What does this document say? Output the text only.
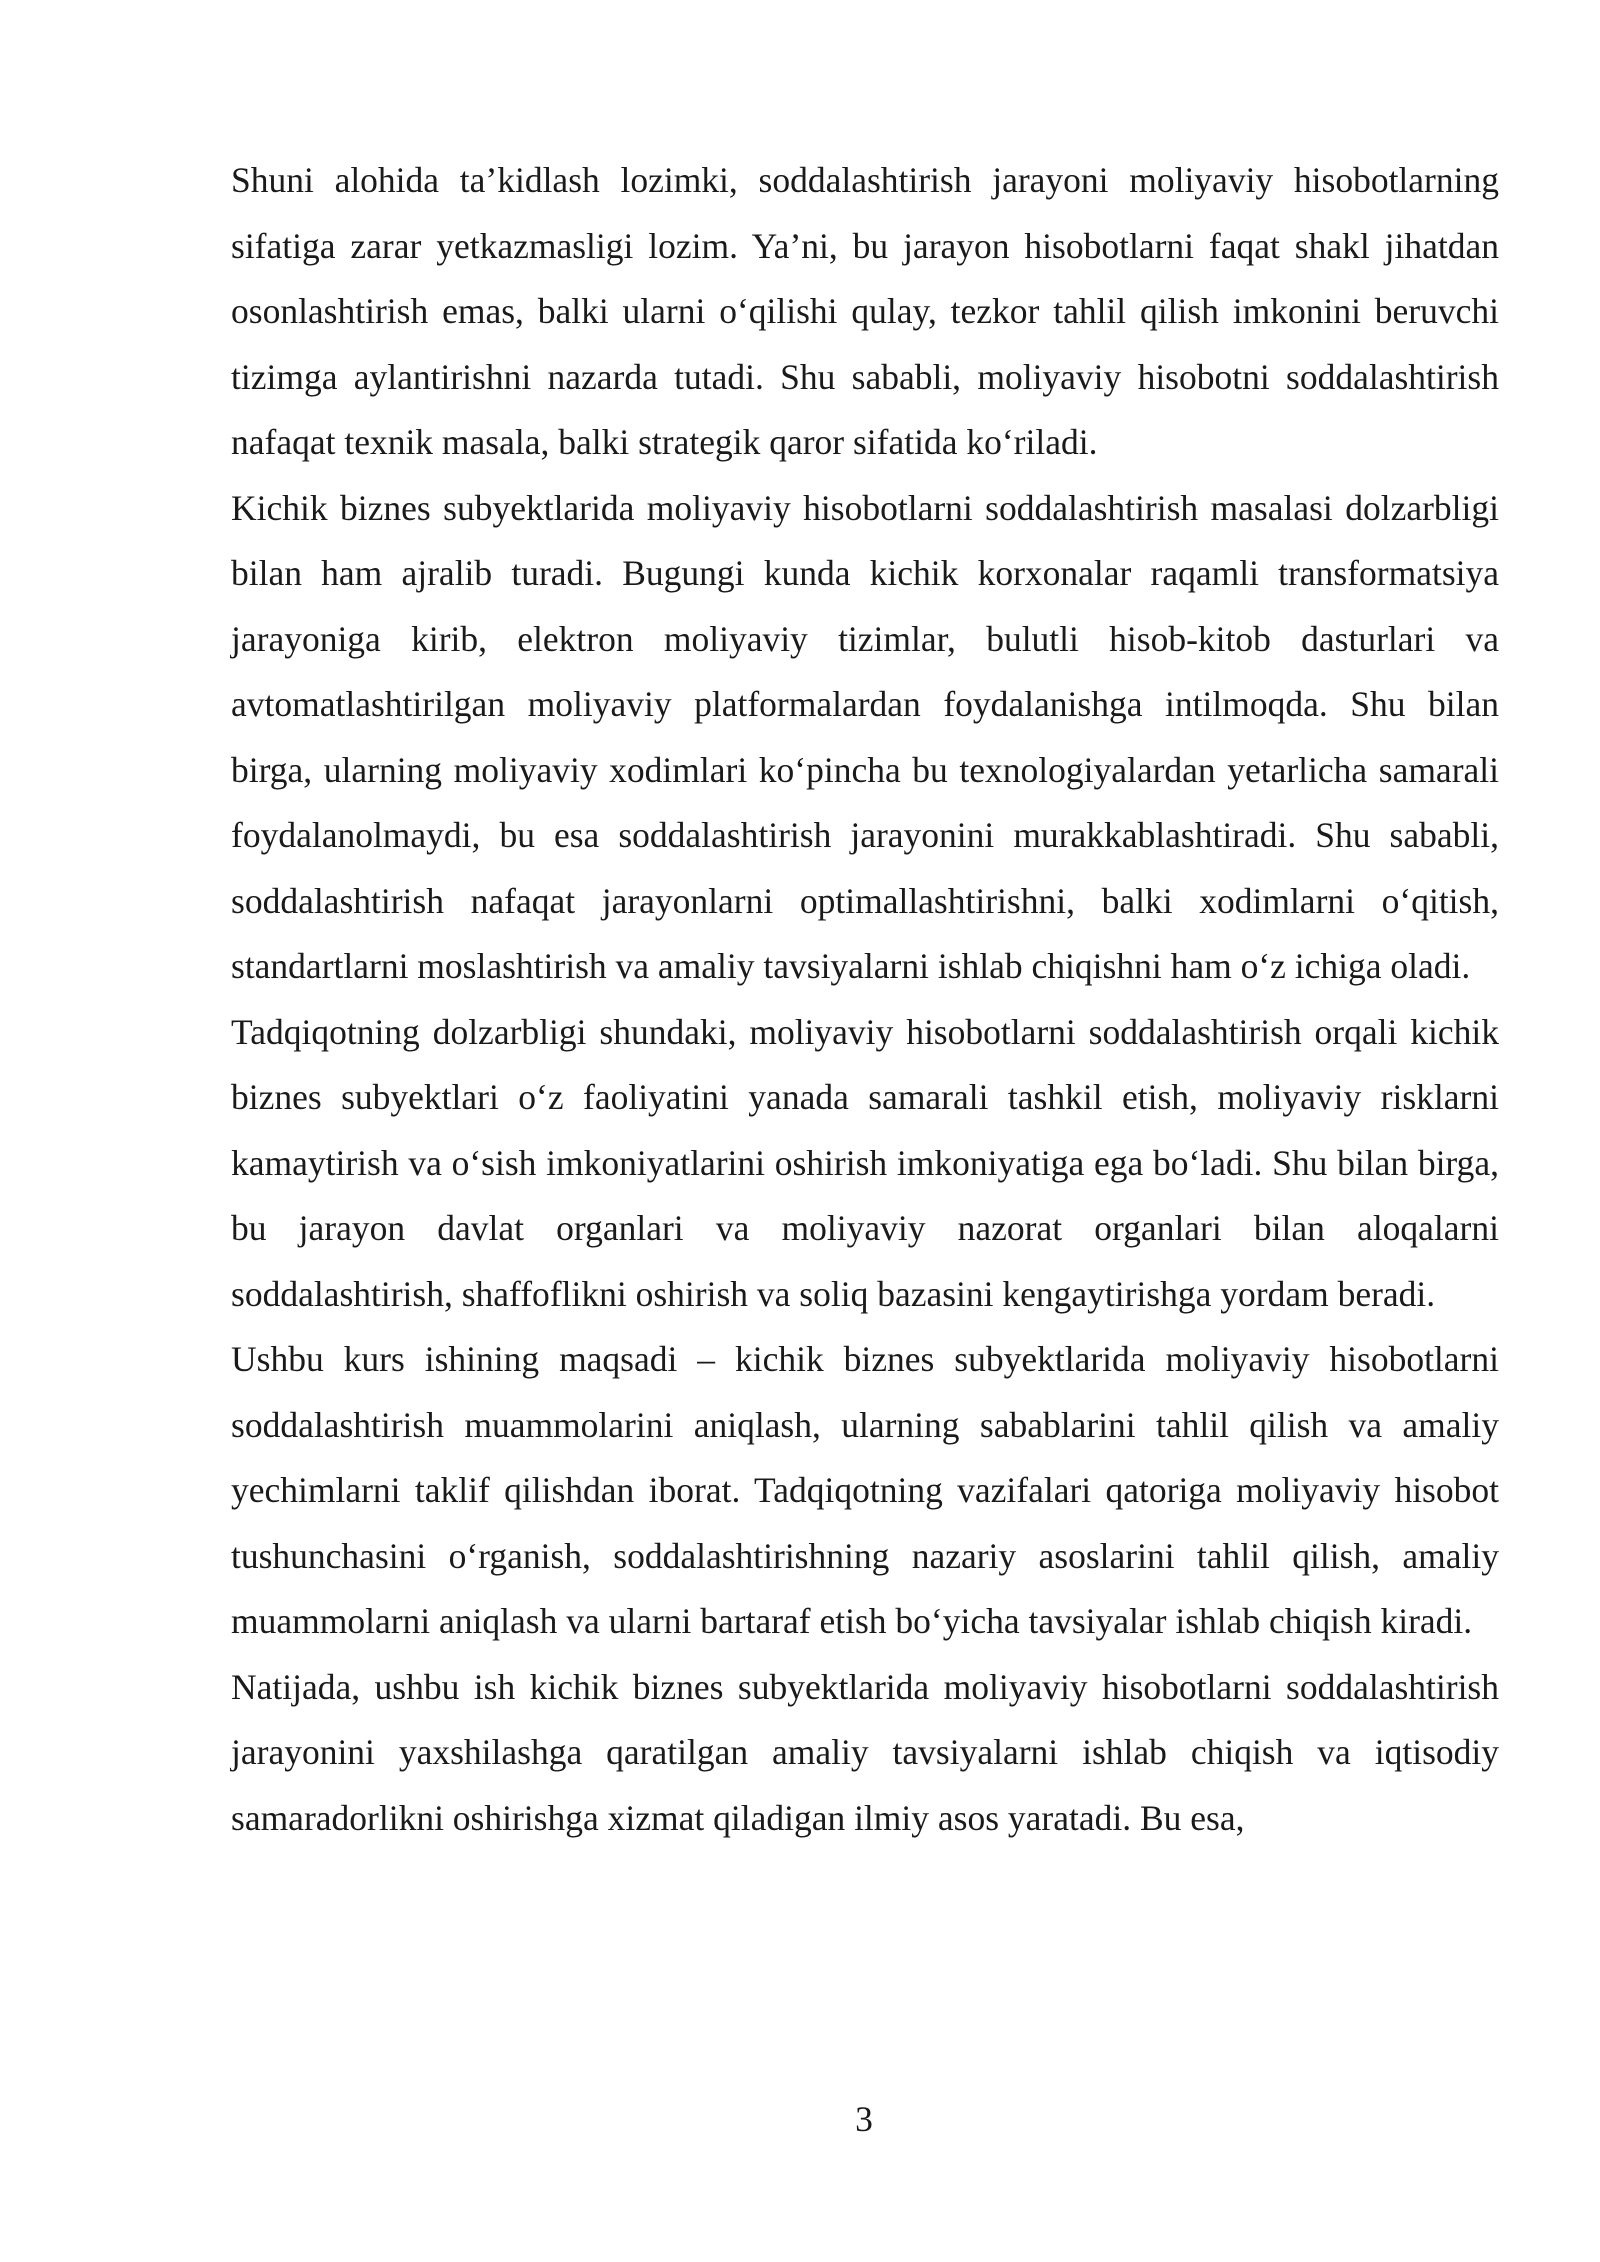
Shuni alohida ta’kidlash lozimki, soddalashtirish jarayoni moliyaviy hisobotlarning sifatiga zarar yetkazmasligi lozim. Ya’ni, bu jarayon hisobotlarni faqat shakl jihatdan osonlashtirish emas, balki ularni oʻqilishi qulay, tezkor tahlil qilish imkonini beruvchi tizimga aylantirishni nazarda tutadi. Shu sababli, moliyaviy hisobotni soddalashtirish nafaqat texnik masala, balki strategik qaror sifatida koʻriladi.

Kichik biznes subyektlarida moliyaviy hisobotlarni soddalashtirish masalasi dolzarbligi bilan ham ajralib turadi. Bugungi kunda kichik korxonalar raqamli transformatsiya jarayoniga kirib, elektron moliyaviy tizimlar, bulutli hisob-kitob dasturlari va avtomatlashtirilgan moliyaviy platformalardan foydalanishga intilmoqda. Shu bilan birga, ularning moliyaviy xodimlari koʻpincha bu texnologiyalardan yetarlicha samarali foydalanolmaydi, bu esa soddalashtirish jarayonini murakkablashtiradi. Shu sababli, soddalashtirish nafaqat jarayonlarni optimallashtirishni, balki xodimlarni oʻqitish, standartlarni moslashtirish va amaliy tavsiyalarni ishlab chiqishni ham oʻz ichiga oladi.

Tadqiqotning dolzarbligi shundaki, moliyaviy hisobotlarni soddalashtirish orqali kichik biznes subyektlari oʻz faoliyatini yanada samarali tashkil etish, moliyaviy risklarni kamaytirish va oʻsish imkoniyatlarini oshirish imkoniyatiga ega boʻladi. Shu bilan birga, bu jarayon davlat organlari va moliyaviy nazorat organlari bilan aloqalarni soddalashtirish, shaffoflikni oshirish va soliq bazasini kengaytirishga yordam beradi.

Ushbu kurs ishining maqsadi – kichik biznes subyektlarida moliyaviy hisobotlarni soddalashtirish muammolarini aniqlash, ularning sabablarini tahlil qilish va amaliy yechimlarni taklif qilishdan iborat. Tadqiqotning vazifalari qatoriga moliyaviy hisobot tushunchasini oʻrganish, soddalashtirishning nazariy asoslarini tahlil qilish, amaliy muammolarni aniqlash va ularni bartaraf etish boʻyicha tavsiyalar ishlab chiqish kiradi.

Natijada, ushbu ish kichik biznes subyektlarida moliyaviy hisobotlarni soddalashtirish jarayonini yaxshilashga qaratilgan amaliy tavsiyalarni ishlab chiqish va iqtisodiy samaradorlikni oshirishga xizmat qiladigan ilmiy asos yaratadi. Bu esa,

3
